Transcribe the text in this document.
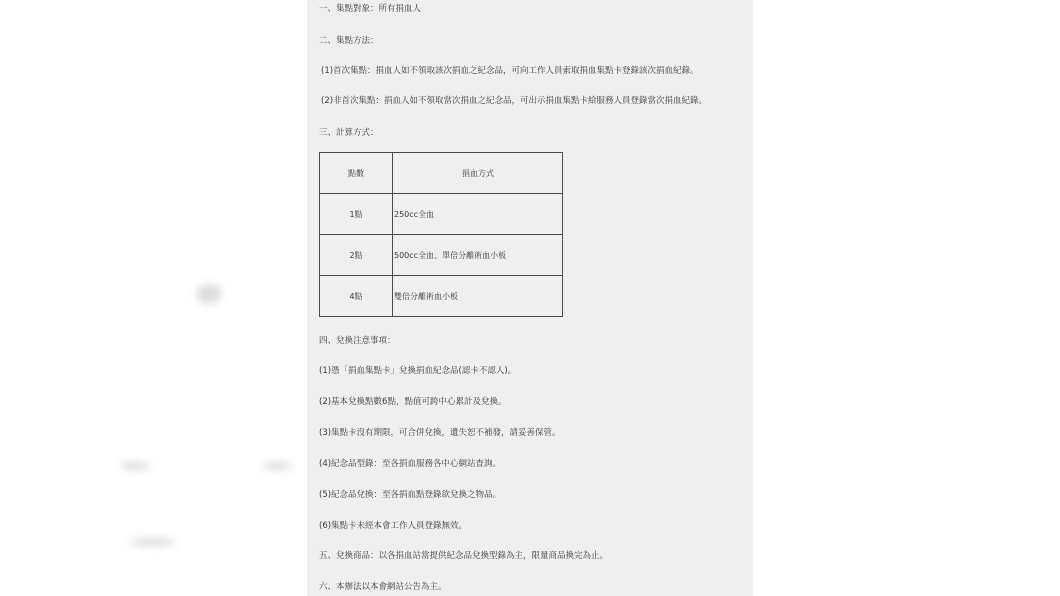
一、集點對象：所有捐血人
二、集點方法：
(1)首次集點：捐血人如不領取該次捐血之紀念品，可向工作人員索取捐血集點卡登錄該次捐血紀錄。
(2)非首次集點：捐血人如不領取當次捐血之紀念品，可出示捐血集點卡給服務人員登錄當次捐血紀錄。
三、計算方式：
點數	捐血方式
1點	250cc全血
2點	500cc全血、單倍分離術血小板
4點	雙倍分離術血小板
四、兌換注意事項：
(1)憑「捐血集點卡」兌換捐血紀念品(認卡不認人)。
(2)基本兌換點數6點，點值可跨中心累計及兌換。
(3)集點卡沒有期限，可合併兌換，遺失恕不補發，請妥善保管。
(4)紀念品型錄：至各捐血服務各中心網站查詢。
(5)紀念品兌換：至各捐血點登錄欲兌換之物品。
(6)集點卡未經本會工作人員登錄無效。
五、兌換商品：以各捐血站當提供紀念品兌換型錄為主，限量商品換完為止。
六、本辦法以本會網站公告為主。
